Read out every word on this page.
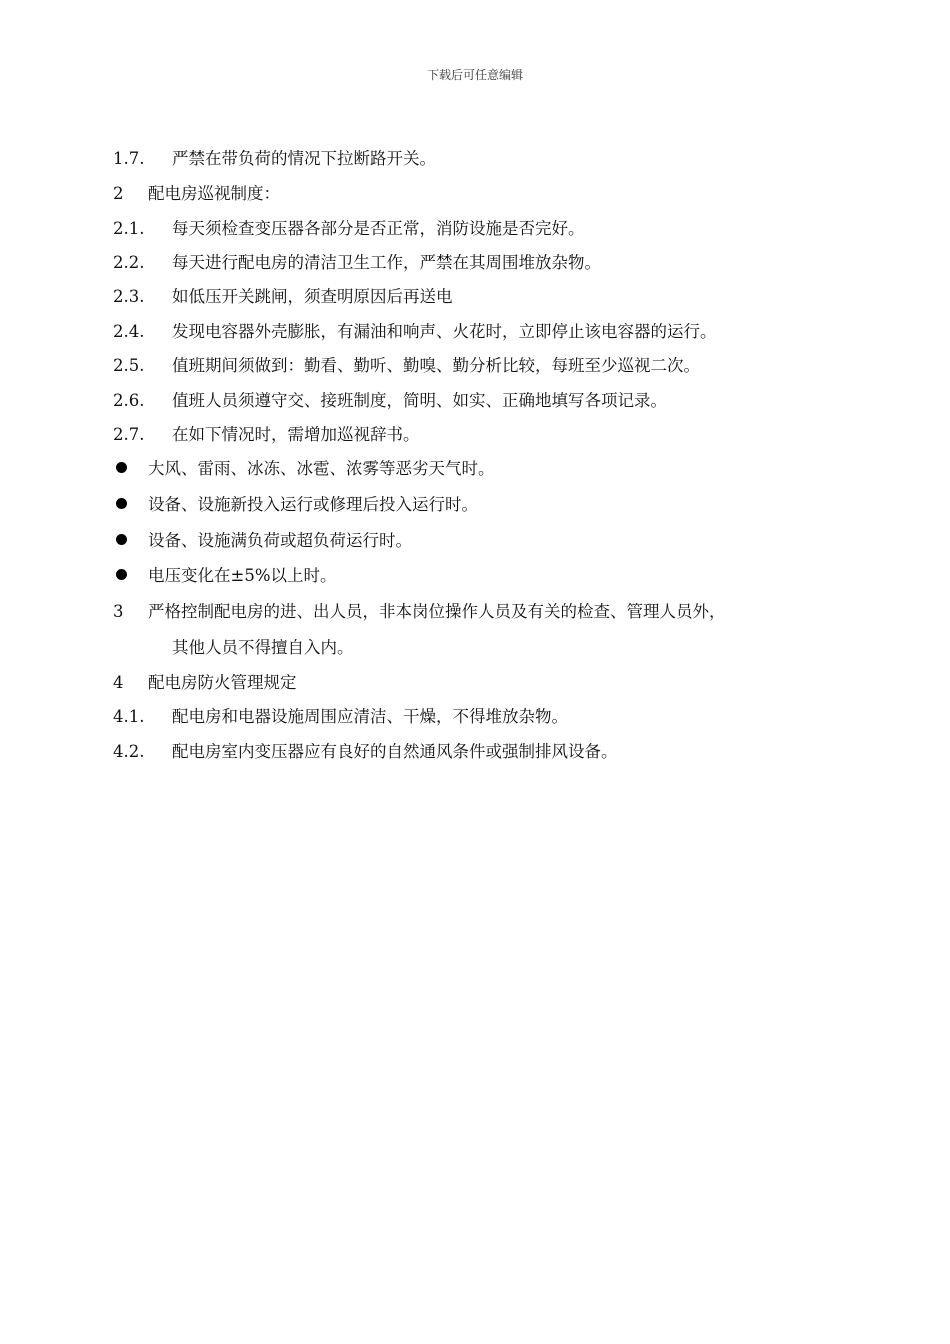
下载后可任意编辑
1.7. 严禁在带负荷的情况下拉断路开关。
2 配电房巡视制度：
2.1. 每天须检查变压器各部分是否正常，消防设施是否完好。
2.2. 每天进行配电房的清洁卫生工作，严禁在其周围堆放杂物。
2.3. 如低压开关跳闸，须查明原因后再送电
2.4. 发现电容器外壳膨胀，有漏油和响声、火花时，立即停止该电容器的运行。
2.5. 值班期间须做到：勤看、勤听、勤嗅、勤分析比较，每班至少巡视二次。
2.6. 值班人员须遵守交、接班制度，简明、如实、正确地填写各项记录。
2.7. 在如下情况时，需增加巡视辞书。
大风、雷雨、冰冻、冰雹、浓雾等恶劣天气时。
设备、设施新投入运行或修理后投入运行时。
设备、设施满负荷或超负荷运行时。
电压变化在±5%以上时。
3 严格控制配电房的进、出人员，非本岗位操作人员及有关的检查、管理人员外，
其他人员不得擅自入内。
4 配电房防火管理规定
4.1. 配电房和电器设施周围应清洁、干燥，不得堆放杂物。
4.2. 配电房室内变压器应有良好的自然通风条件或强制排风设备。
